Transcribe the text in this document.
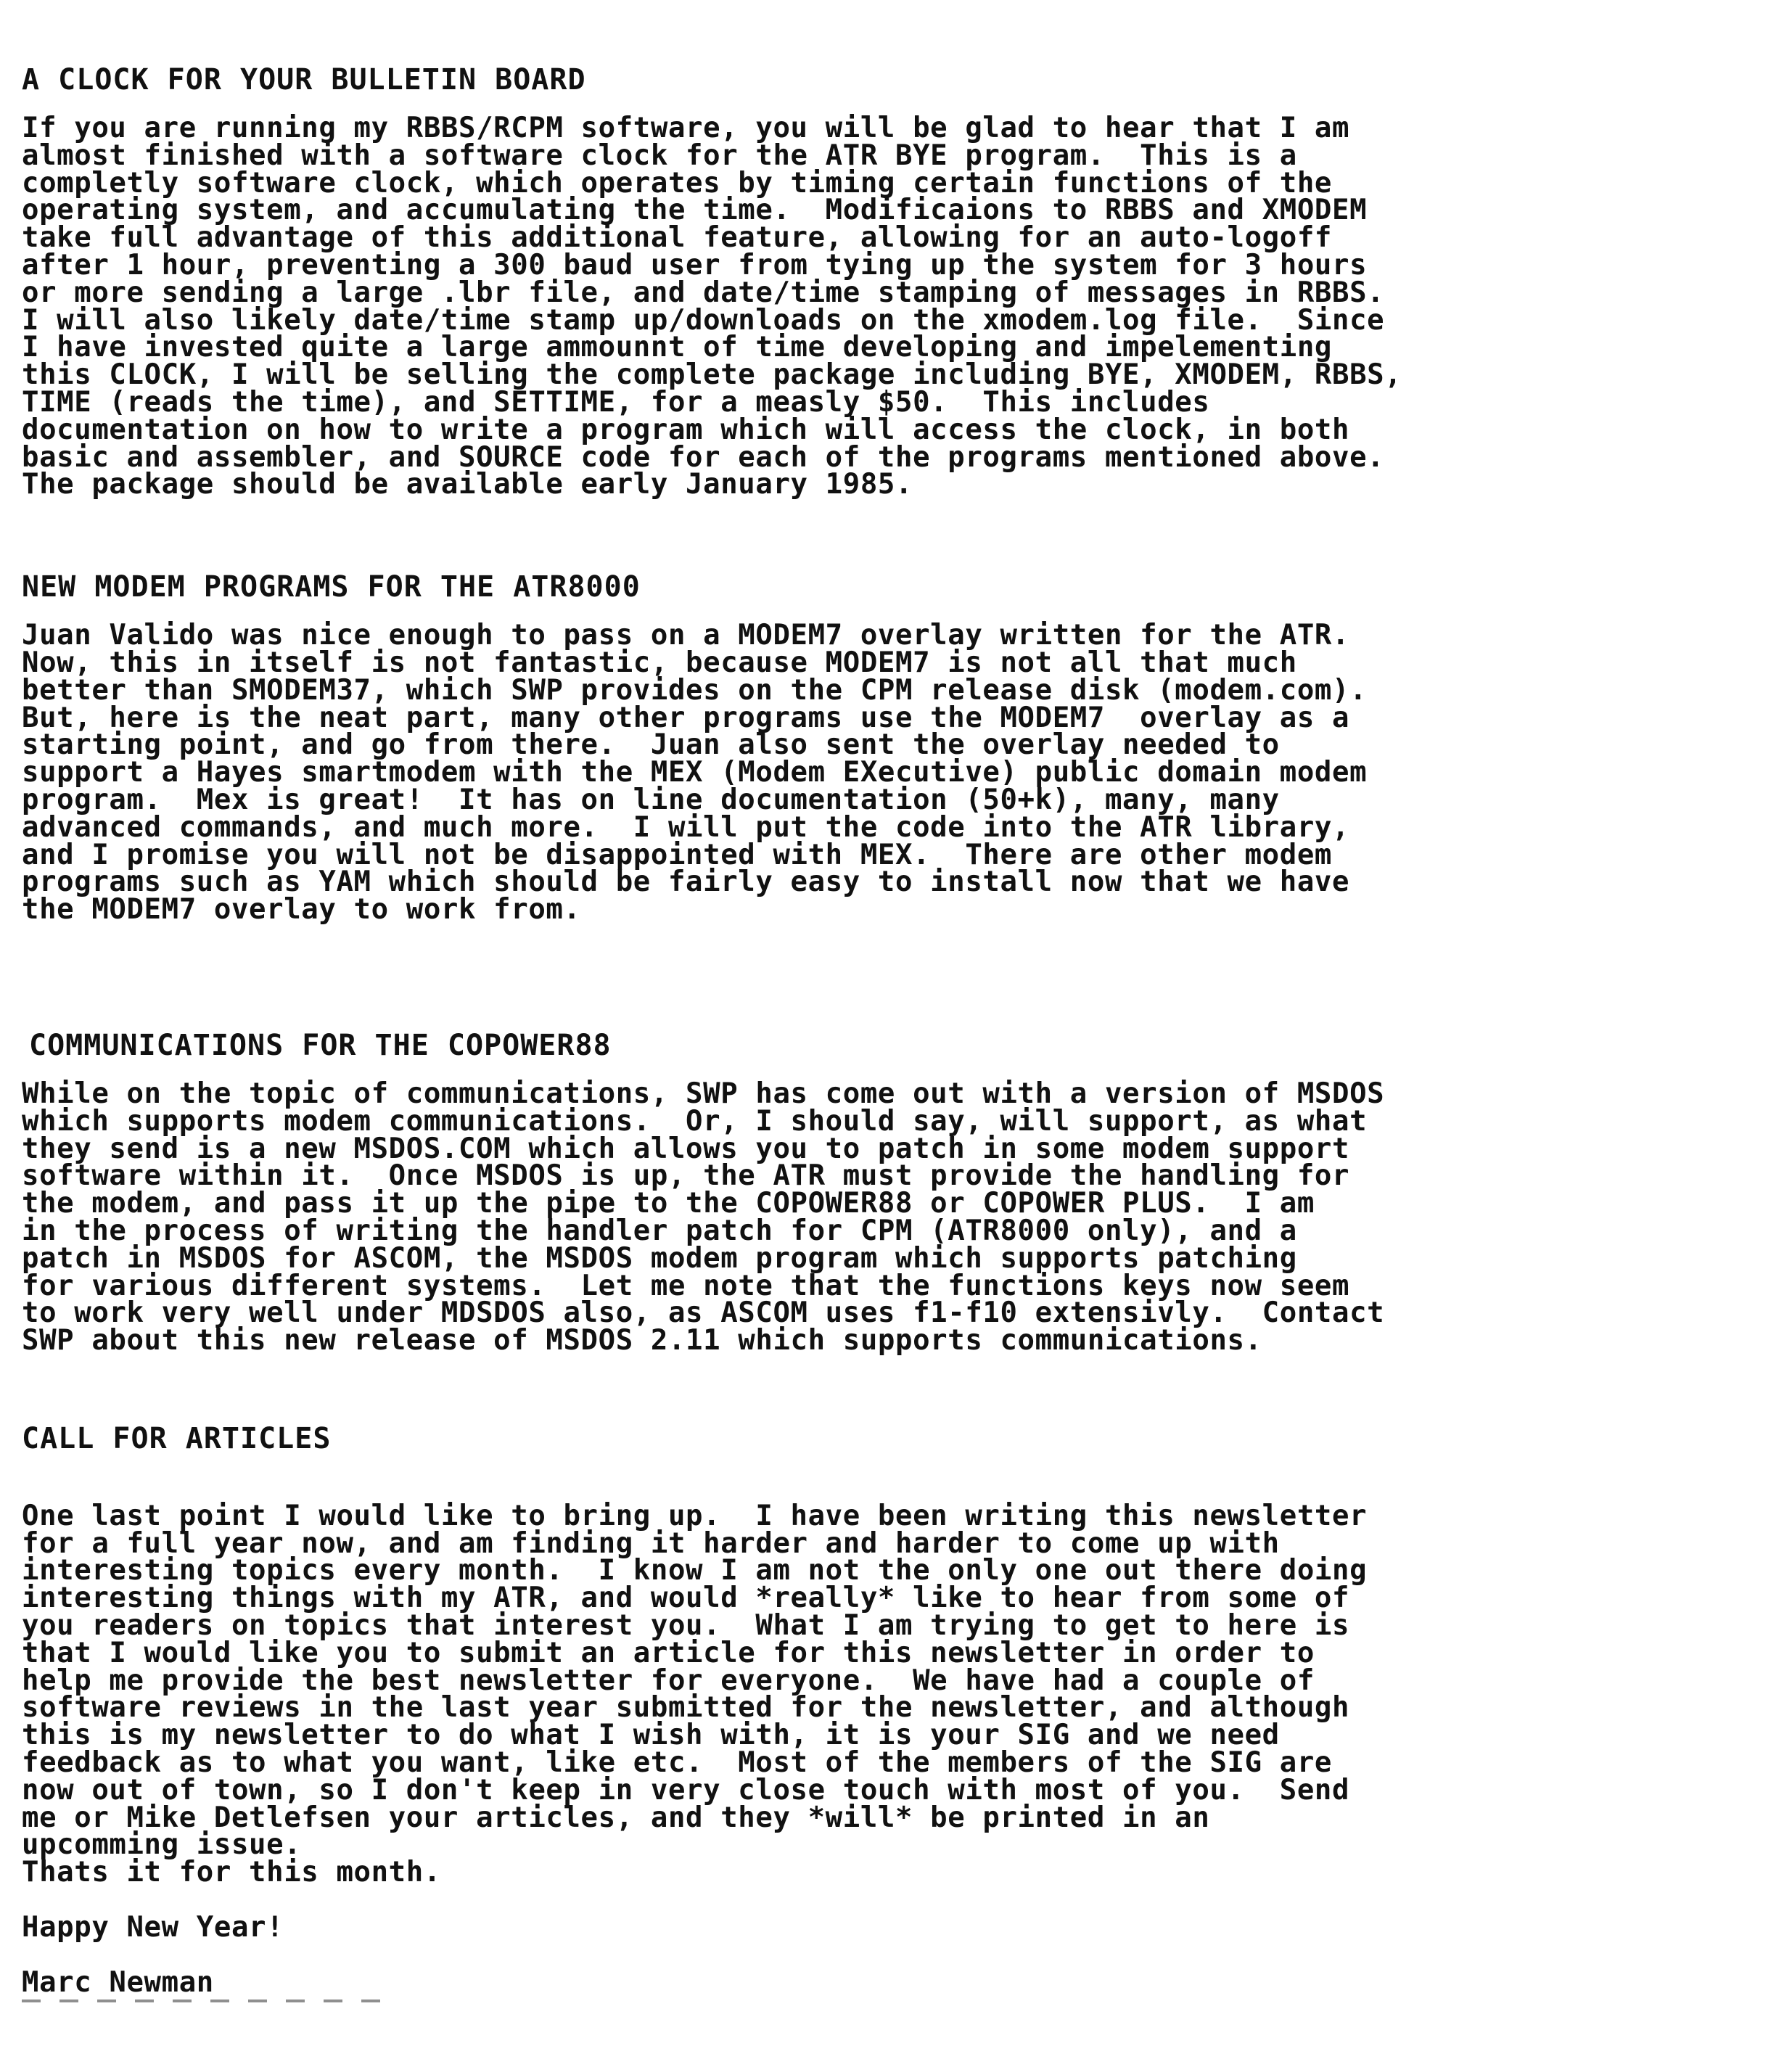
A CLOCK FOR YOUR BULLETIN BOARD
If you are running my RBBS/RCPM software, you will be glad to hear that I am
almost finished with a software clock for the ATR BYE program.  This is a
completly software clock, which operates by timing certain functions of the
operating system, and accumulating the time.  Modificaions to RBBS and XMODEM
take full advantage of this additional feature, allowing for an auto-logoff
after 1 hour, preventing a 300 baud user from tying up the system for 3 hours
or more sending a large .lbr file, and date/time stamping of messages in RBBS.
I will also likely date/time stamp up/downloads on the xmodem.log file.  Since
I have invested quite a large ammounnt of time developing and impelementing
this CLOCK, I will be selling the complete package including BYE, XMODEM, RBBS,
TIME (reads the time), and SETTIME, for a measly $50.  This includes
documentation on how to write a program which will access the clock, in both
basic and assembler, and SOURCE code for each of the programs mentioned above.
The package should be available early January 1985.
NEW MODEM PROGRAMS FOR THE ATR8000
Juan Valido was nice enough to pass on a MODEM7 overlay written for the ATR.
Now, this in itself is not fantastic, because MODEM7 is not all that much
better than SMODEM37, which SWP provides on the CPM release disk (modem.com).
But, here is the neat part, many other programs use the MODEM7  overlay as a
starting point, and go from there.  Juan also sent the overlay needed to
support a Hayes smartmodem with the MEX (Modem EXecutive) public domain modem
program.  Mex is great!  It has on line documentation (50+k), many, many
advanced commands, and much more.  I will put the code into the ATR library,
and I promise you will not be disappointed with MEX.  There are other modem
programs such as YAM which should be fairly easy to install now that we have
the MODEM7 overlay to work from.
COMMUNICATIONS FOR THE COPOWER88
While on the topic of communications, SWP has come out with a version of MSDOS
which supports modem communications.  Or, I should say, will support, as what
they send is a new MSDOS.COM which allows you to patch in some modem support
software within it.  Once MSDOS is up, the ATR must provide the handling for
the modem, and pass it up the pipe to the COPOWER88 or COPOWER PLUS.  I am
in the process of writing the handler patch for CPM (ATR8000 only), and a
patch in MSDOS for ASCOM, the MSDOS modem program which supports patching
for various different systems.  Let me note that the functions keys now seem
to work very well under MDSDOS also, as ASCOM uses f1-f10 extensivly.  Contact
SWP about this new release of MSDOS 2.11 which supports communications.
CALL FOR ARTICLES
One last point I would like to bring up.  I have been writing this newsletter
for a full year now, and am finding it harder and harder to come up with
interesting topics every month.  I know I am not the only one out there doing
interesting things with my ATR, and would *really* like to hear from some of
you readers on topics that interest you.  What I am trying to get to here is
that I would like you to submit an article for this newsletter in order to
help me provide the best newsletter for everyone.  We have had a couple of
software reviews in the last year submitted for the newsletter, and although
this is my newsletter to do what I wish with, it is your SIG and we need
feedback as to what you want, like etc.  Most of the members of the SIG are
now out of town, so I don't keep in very close touch with most of you.  Send
me or Mike Detlefsen your articles, and they *will* be printed in an
upcomming issue.
Thats it for this month.
Happy New Year!
Marc Newman
